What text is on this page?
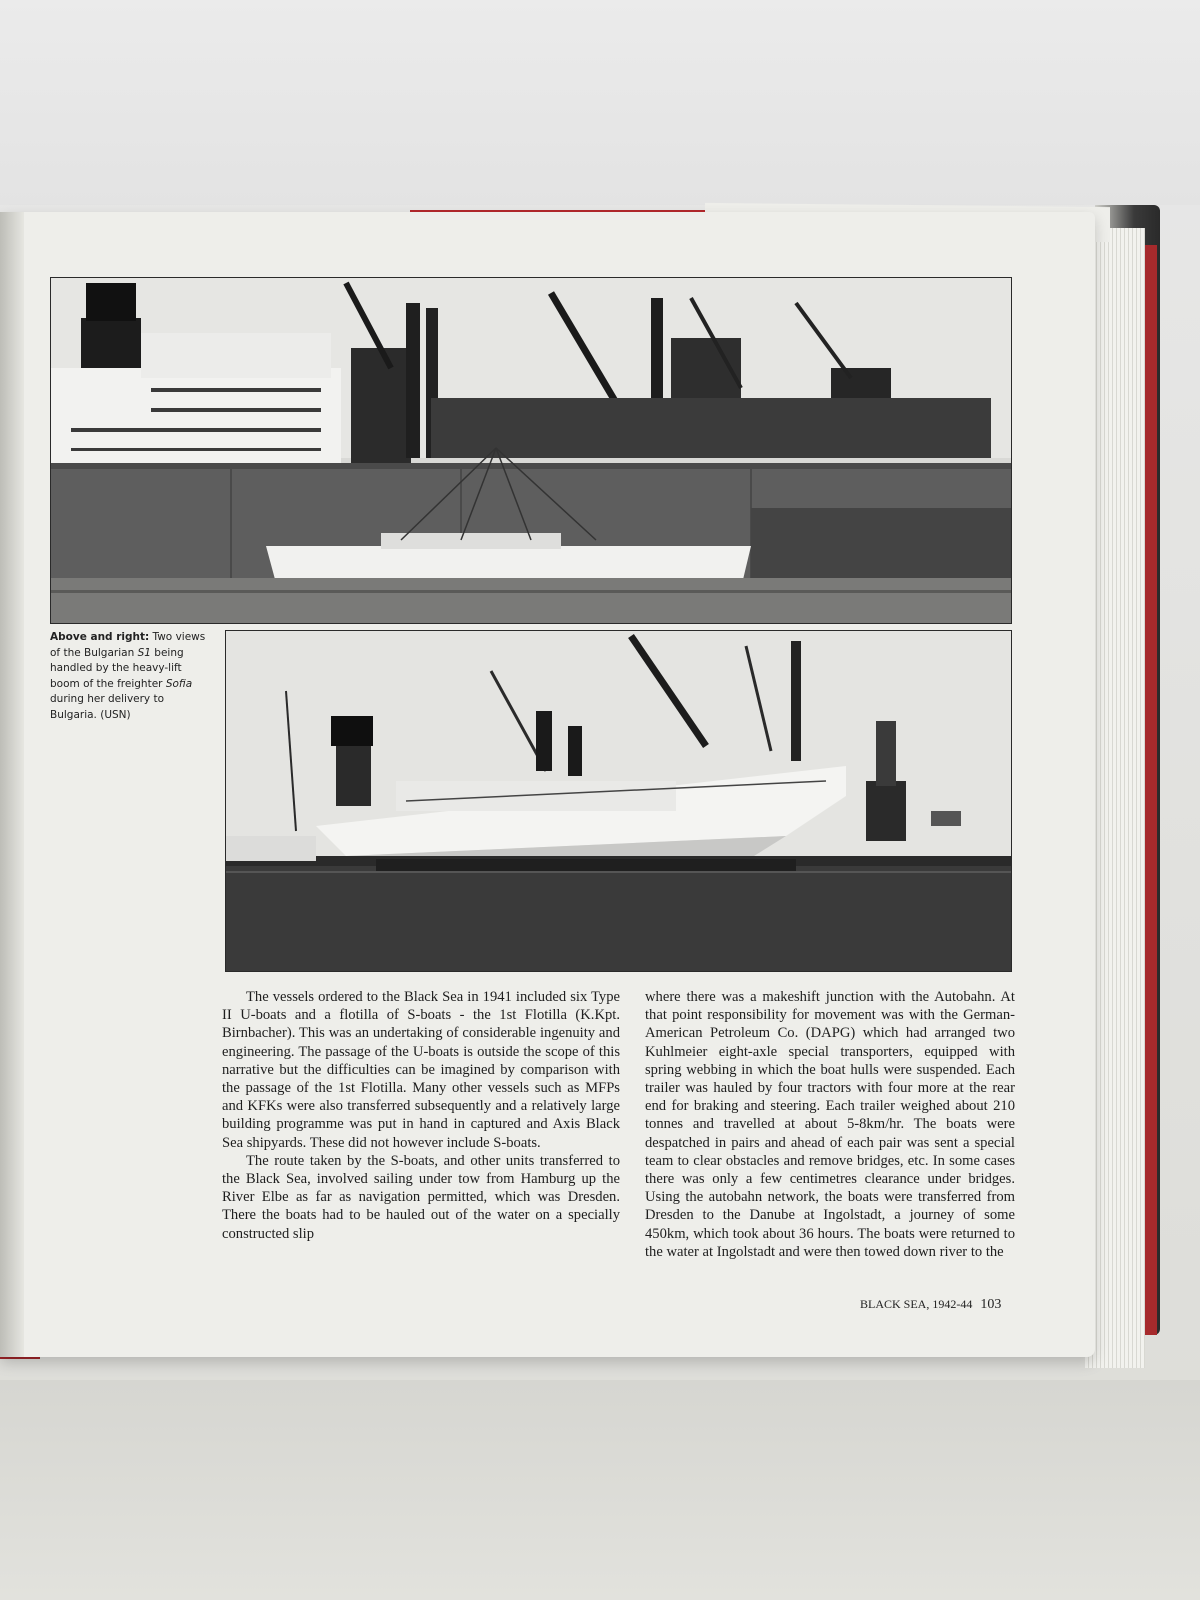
Above and right: Two views of the Bulgarian S1 being handled by the heavy-lift boom of the freighter Sofia during her delivery to Bulgaria. (USN)

The vessels ordered to the Black Sea in 1941 included six Type II U-boats and a flotilla of S-boats - the 1st Flotilla (K.Kpt. Birnbacher). This was an undertaking of considerable ingenuity and engineering. The passage of the U-boats is outside the scope of this narrative but the difficulties can be imagined by comparison with the passage of the 1st Flotilla. Many other vessels such as MFPs and KFKs were also transferred subsequently and a relatively large building programme was put in hand in captured and Axis Black Sea shipyards. These did not however include S-boats.

The route taken by the S-boats, and other units transferred to the Black Sea, involved sailing under tow from Hamburg up the River Elbe as far as navigation permitted, which was Dresden. There the boats had to be hauled out of the water on a specially constructed slip

where there was a makeshift junction with the Autobahn. At that point responsibility for movement was with the German-American Petroleum Co. (DAPG) which had arranged two Kuhlmeier eight-axle special transporters, equipped with spring webbing in which the boat hulls were suspended. Each trailer was hauled by four tractors with four more at the rear end for braking and steering. Each trailer weighed about 210 tonnes and travelled at about 5-8km/hr. The boats were despatched in pairs and ahead of each pair was sent a special team to clear obstacles and remove bridges, etc. In some cases there was only a few centimetres clearance under bridges. Using the autobahn network, the boats were transferred from Dresden to the Danube at Ingolstadt, a journey of some 450km, which took about 36 hours. The boats were returned to the water at Ingolstadt and were then towed down river to the

BLACK SEA, 1942-44 103
